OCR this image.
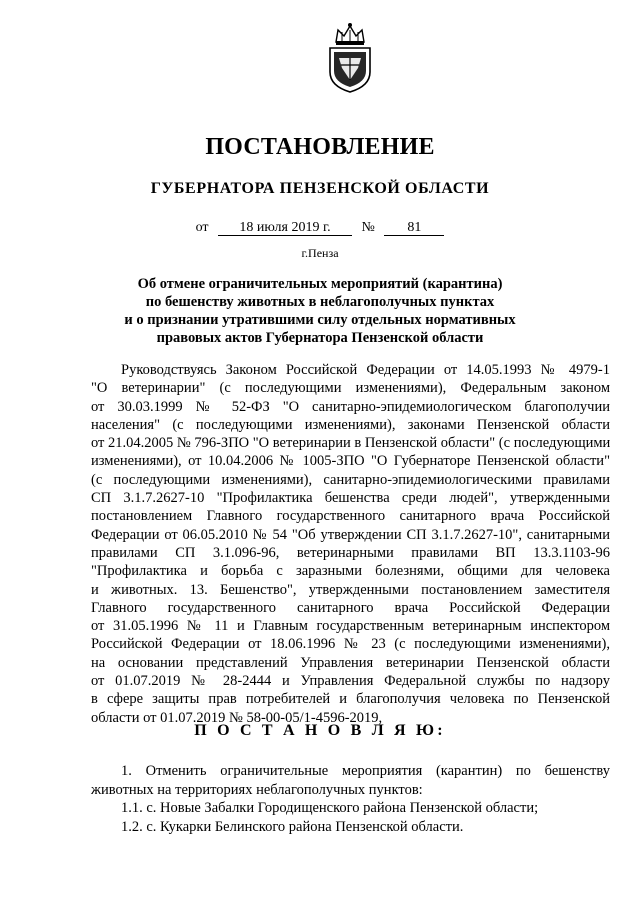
ПОСТАНОВЛЕНИЕ
ГУБЕРНАТОРА ПЕНЗЕНСКОЙ ОБЛАСТИ
от 18 июля 2019 г. № 81
г.Пенза
Об отмене ограничительных мероприятий (карантина)
по бешенству животных в неблагополучных пунктах
и о признании утратившими силу отдельных нормативных
правовых актов Губернатора Пензенской области
Руководствуясь Законом Российской Федерации от 14.05.1993 № 4979-1
"О ветеринарии" (с последующими изменениями), Федеральным законом
от 30.03.1999 № 52-ФЗ "О санитарно-эпидемиологическом благополучии
населения" (с последующими изменениями), законами Пензенской области
от 21.04.2005 № 796-ЗПО "О ветеринарии в Пензенской области" (с последующими
изменениями), от 10.04.2006 № 1005-ЗПО "О Губернаторе Пензенской области"
(с последующими изменениями), санитарно-эпидемиологическими правилами
СП 3.1.7.2627-10 "Профилактика бешенства среди людей", утвержденными
постановлением Главного государственного санитарного врача Российской
Федерации от 06.05.2010 № 54 "Об утверждении СП 3.1.7.2627-10", санитарными
правилами СП 3.1.096-96, ветеринарными правилами ВП 13.3.1103-96
"Профилактика и борьба с заразными болезнями, общими для человека
и животных. 13. Бешенство", утвержденными постановлением заместителя
Главного государственного санитарного врача Российской Федерации
от 31.05.1996 № 11 и Главным государственным ветеринарным инспектором
Российской Федерации от 18.06.1996 № 23 (с последующими изменениями),
на основании представлений Управления ветеринарии Пензенской области
от 01.07.2019 № 28-2444 и Управления Федеральной службы по надзору
в сфере защиты прав потребителей и благополучия человека по Пензенской
области от 01.07.2019 № 58-00-05/1-4596-2019,
П О С Т А Н О В Л Я Ю:
1. Отменить ограничительные мероприятия (карантин) по бешенству
животных на территориях неблагополучных пунктов:
1.1. с. Новые Забалки Городищенского района Пензенской области;
1.2. с. Кукарки Белинского района Пензенской области.
